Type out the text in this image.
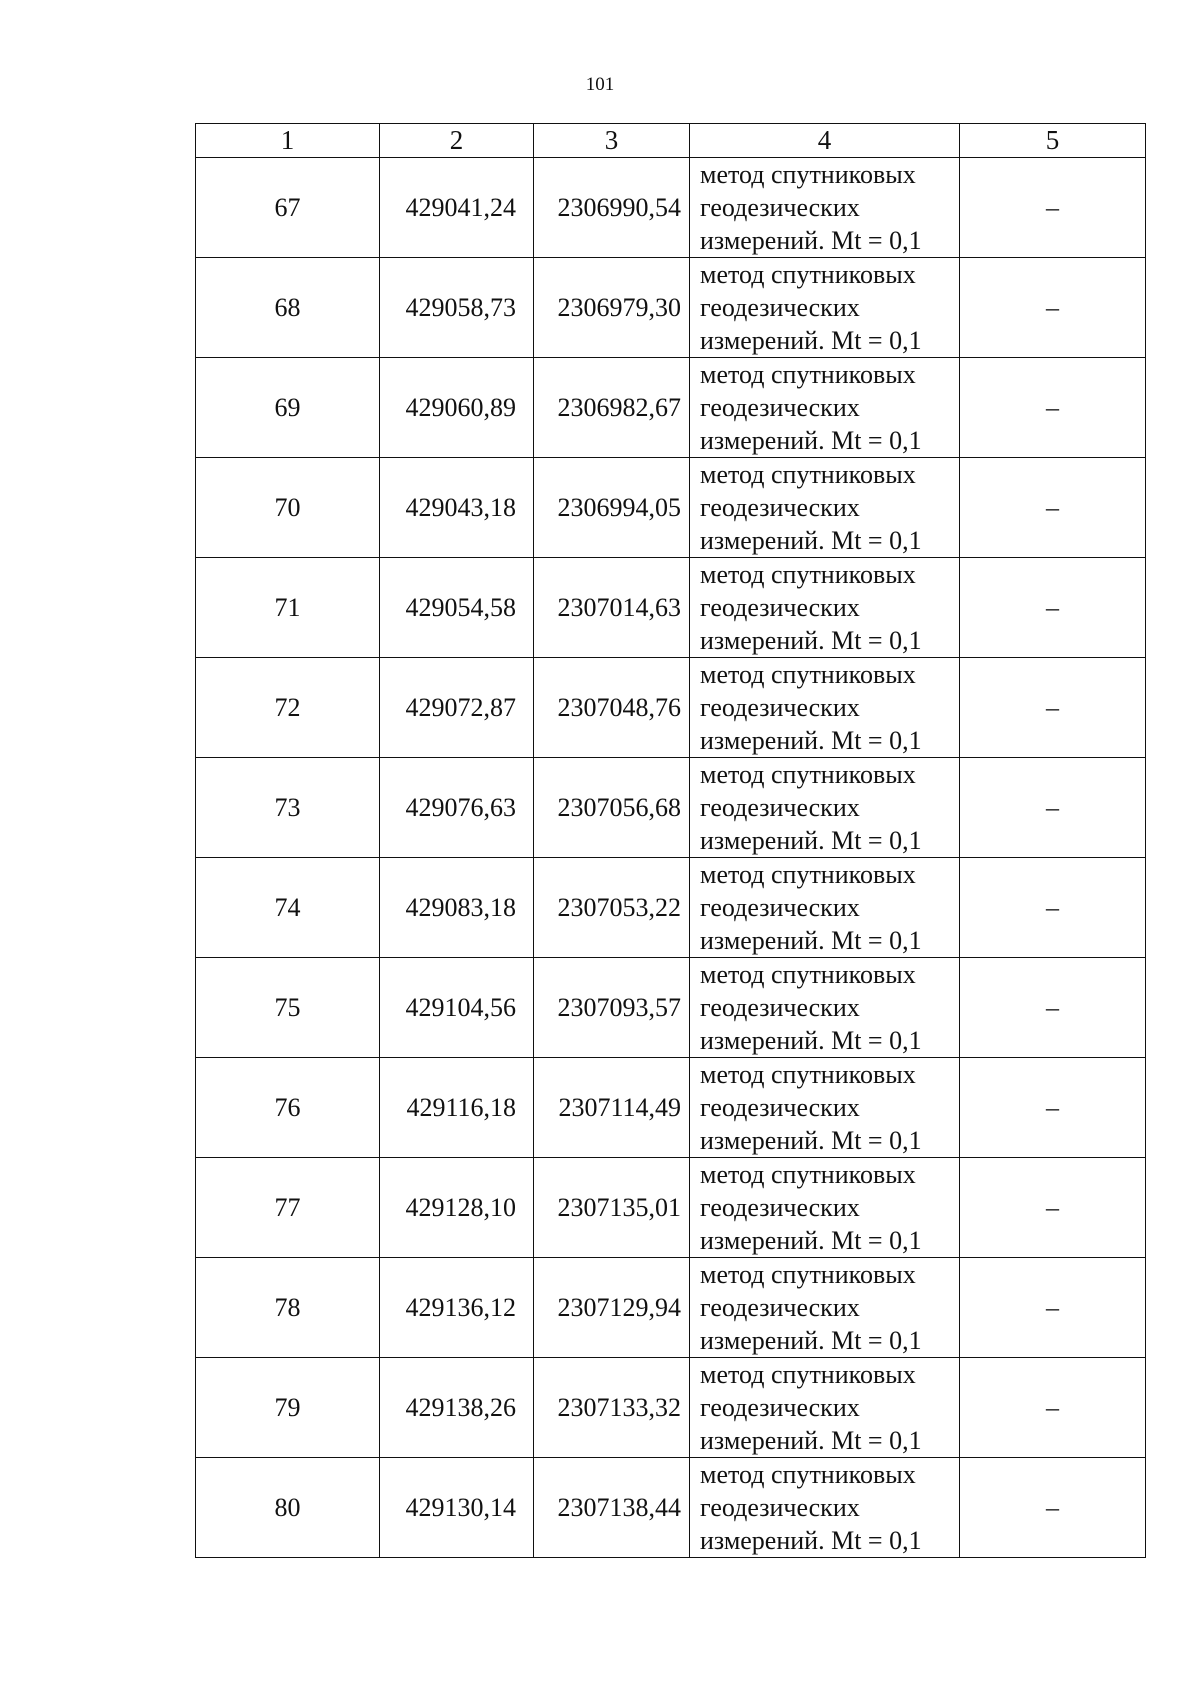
101
1	2	3	4	5
67	429041,24	2306990,54	метод спутниковых
геодезических
измерений. Mt = 0,1	–
68	429058,73	2306979,30	метод спутниковых
геодезических
измерений. Mt = 0,1	–
69	429060,89	2306982,67	метод спутниковых
геодезических
измерений. Mt = 0,1	–
70	429043,18	2306994,05	метод спутниковых
геодезических
измерений. Mt = 0,1	–
71	429054,58	2307014,63	метод спутниковых
геодезических
измерений. Mt = 0,1	–
72	429072,87	2307048,76	метод спутниковых
геодезических
измерений. Mt = 0,1	–
73	429076,63	2307056,68	метод спутниковых
геодезических
измерений. Mt = 0,1	–
74	429083,18	2307053,22	метод спутниковых
геодезических
измерений. Mt = 0,1	–
75	429104,56	2307093,57	метод спутниковых
геодезических
измерений. Mt = 0,1	–
76	429116,18	2307114,49	метод спутниковых
геодезических
измерений. Mt = 0,1	–
77	429128,10	2307135,01	метод спутниковых
геодезических
измерений. Mt = 0,1	–
78	429136,12	2307129,94	метод спутниковых
геодезических
измерений. Mt = 0,1	–
79	429138,26	2307133,32	метод спутниковых
геодезических
измерений. Mt = 0,1	–
80	429130,14	2307138,44	метод спутниковых
геодезических
измерений. Mt = 0,1	–
